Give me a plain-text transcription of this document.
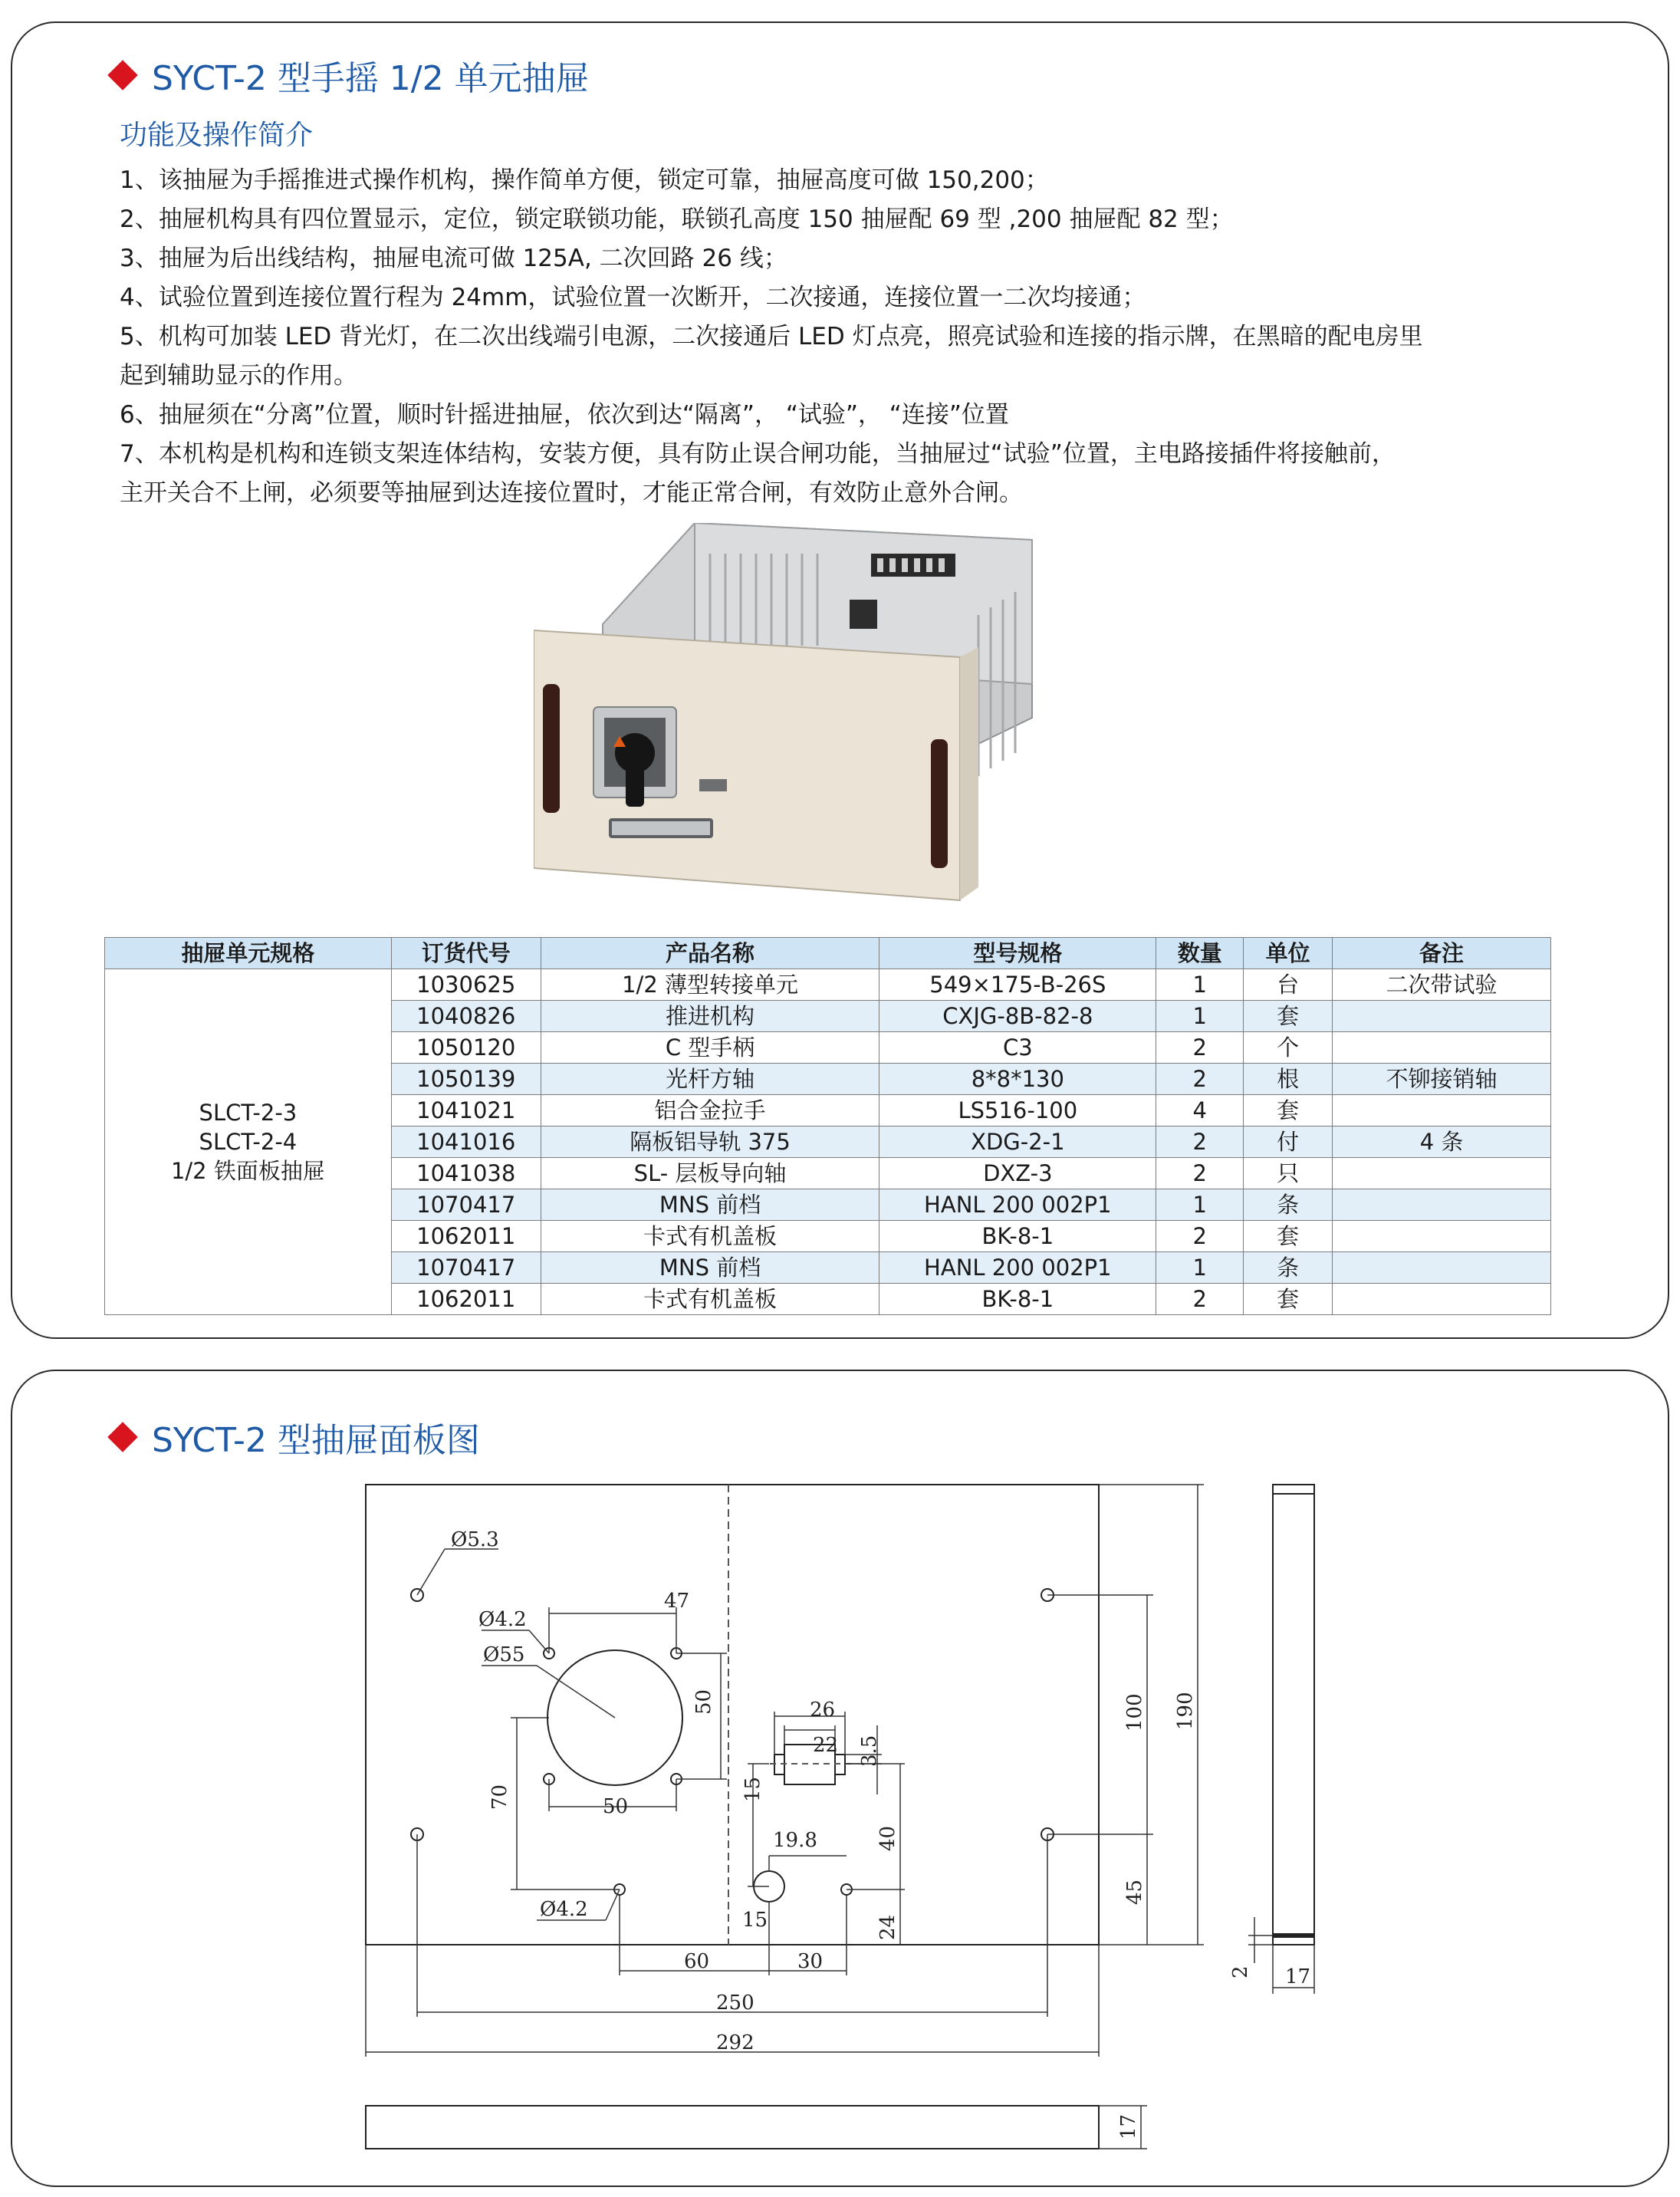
SYCT-2 型手摇 1/2 单元抽屉
功能及操作简介
1、该抽屉为手摇推进式操作机构，操作简单方便，锁定可靠，抽屉高度可做 150,200；
2、抽屉机构具有四位置显示，定位，锁定联锁功能，联锁孔高度 150 抽屉配 69 型 ,200 抽屉配 82 型；
3、抽屉为后出线结构，抽屉电流可做 125A, 二次回路 26 线；
4、试验位置到连接位置行程为 24mm，试验位置一次断开，二次接通，连接位置一二次均接通；
5、机构可加装 LED 背光灯，在二次出线端引电源，二次接通后 LED 灯点亮，照亮试验和连接的指示牌，在黑暗的配电房里
起到辅助显示的作用。
6、抽屉须在“分离”位置，顺时针摇进抽屉，依次到达“隔离”， “试验”， “连接”位置
7、本机构是机构和连锁支架连体结构，安装方便，具有防止误合闸功能，当抽屉过“试验”位置，主电路接插件将接触前，
主开关合不上闸，必须要等抽屉到达连接位置时，才能正常合闸，有效防止意外合闸。
抽屉单元规格	订货代号	产品名称	型号规格	数量	单位	备注

SLCT-2-3
SLCT-2-4
1/2 铁面板抽屉	1030625	1/2 薄型转接单元	549×175-B-26S	1	台	二次带试验
	1040826	推进机构	CXJG-8B-82-8	1	套	
	1050120	C 型手柄	C3	2	个	
	1050139	光杆方轴	8*8*130	2	根	不铆接销轴
	1041021	铝合金拉手	LS516-100	4	套	
	1041016	隔板铝导轨 375	XDG-2-1	2	付	4 条
	1041038	SL- 层板导向轴	DXZ-3	2	只	
	1070417	MNS 前档	HANL 200 002P1	1	条	
	1062011	卡式有机盖板	BK-8-1	2	套	
	1070417	MNS 前档	HANL 200 002P1	1	条	
	1062011	卡式有机盖板	BK-8-1	2	套	
SYCT-2 型抽屉面板图
Ø5.3
Ø4.2
Ø55
Ø4.2
47
50
50
70
26
22 3.5
15
19.8	40
24
15
60	30
250
292
100 190
45
2 17
17
